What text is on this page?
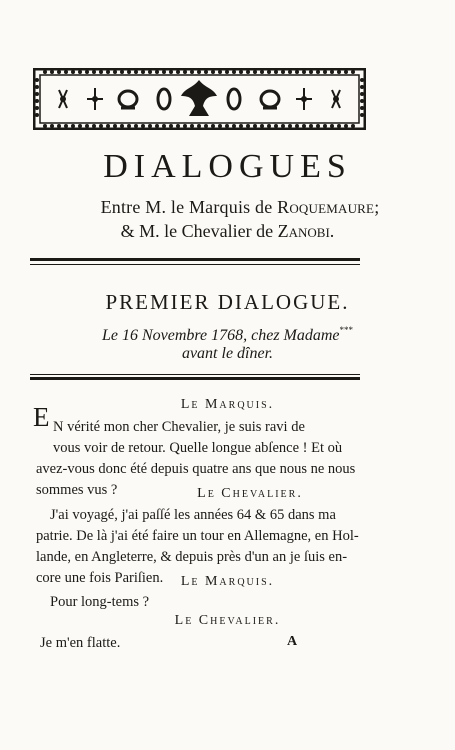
DIALOGUES
Entre M. le Marquis de Roquemaure;
& M. le Chevalier de Zanobi.
PREMIER DIALOGUE.
Le 16 Novembre 1768, chez Madame***
avant le dîner.
Le Marquis.
E N vérité mon cher Chevalier, je suis ravi de
vous voir de retour. Quelle longue abſence ! Et où
avez-vous donc été depuis quatre ans que nous ne nous
sommes vus ?	Le Chevalier.
J'ai voyagé, j'ai paſſé les années 64 & 65 dans ma
patrie. De là j'ai été faire un tour en Allemagne, en Hol-
lande, en Angleterre, & depuis près d'un an je ſuis en-
core une fois Pariſien.	Le Marquis.
Pour long-tems ?
Le Chevalier.
Je m'en flatte.	A
